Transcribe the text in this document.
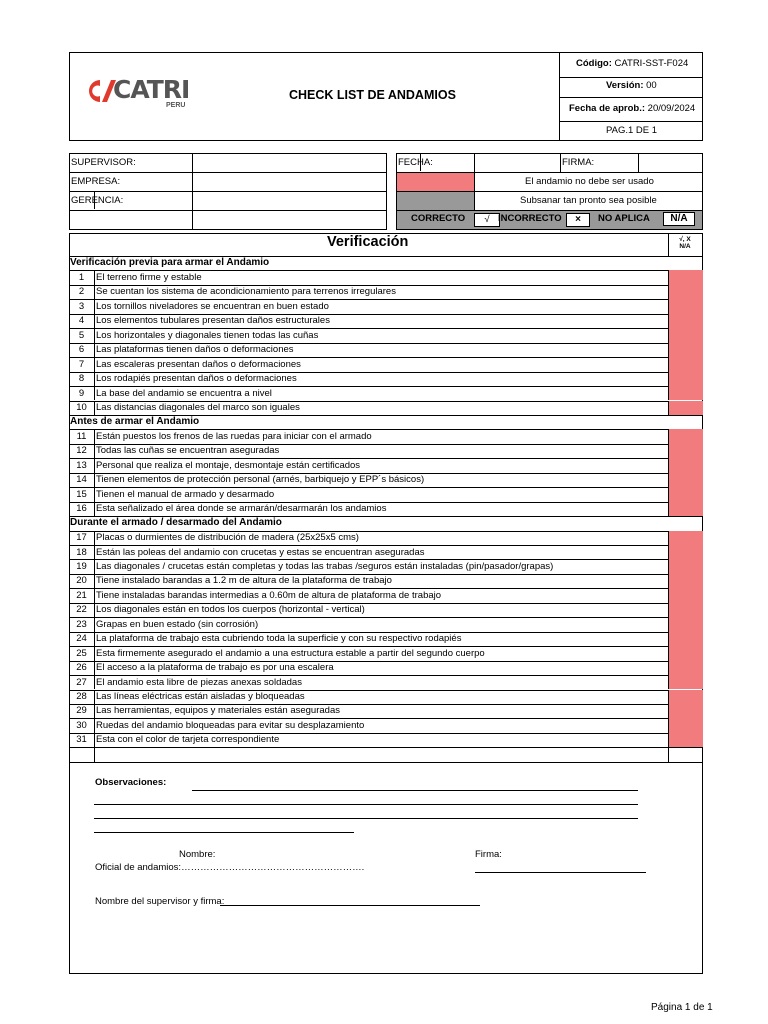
CATRI
PERU
CHECK LIST DE ANDAMIOS
Código: CATRI-SST-F024
Versión: 00
Fecha de aprob.: 20/09/2024
PAG.1 DE 1
SUPERVISOR:
EMPRESA:
GERENCIA:
FECHA:	FIRMA:
El andamio no debe ser usado
Subsanar tan pronto sea posible
CORRECTO	√ INCORRECTO	×	NO APLICA	N/A
Verificación	√, X
N/A
Verificación previa para armar el Andamio
1	El terreno firme y estable
2	Se cuentan los sistema de acondicionamiento para terrenos irregulares
3	Los tornillos niveladores se encuentran en buen estado
4	Los elementos tubulares presentan daños estructurales
5	Los horizontales y diagonales tienen todas las cuñas
6	Las plataformas tienen daños o deformaciones
7	Las escaleras presentan daños o deformaciones
8	Los rodapiés presentan daños o deformaciones
9	La base del andamio se encuentra a nivel
10 Las distancias diagonales del marco son iguales
Antes de armar el Andamio
11	Están puestos los frenos de las ruedas para iniciar con el armado
12 Todas las cuñas se encuentran aseguradas
13 Personal que realiza el montaje, desmontaje están certificados
14 Tienen elementos de protección personal (arnés, barbiquejo y EPP´s básicos)
15 Tienen el manual de armado y desarmado
16 Esta señalizado el área donde se armarán/desarmarán los andamios
Durante el armado / desarmado del Andamio
17 Placas o durmientes de distribución de madera (25x25x5 cms)
18 Están las poleas del andamio con crucetas y estas se encuentran aseguradas
19 Las diagonales / crucetas están completas y todas las trabas /seguros están instaladas (pin/pasador/grapas)
20 Tiene instalado barandas a 1.2 m de altura de la plataforma de trabajo
21 Tiene instaladas barandas intermedias a 0.60m de altura de plataforma de trabajo
22 Los diagonales están en todos los cuerpos (horizontal - vertical)
23 Grapas en buen estado (sin corrosión)
24 La plataforma de trabajo esta cubriendo toda la superficie y con su respectivo rodapiés
25 Esta firmemente asegurado el andamio a una estructura estable a partir del segundo cuerpo
26 El acceso a la plataforma de trabajo es por una escalera
27 El andamio esta libre de piezas anexas soldadas
28 Las líneas eléctricas están aisladas y bloqueadas
29 Las herramientas, equipos y materiales están aseguradas
30 Ruedas del andamio bloqueadas para evitar su desplazamiento
31 Esta con el color de tarjeta correspondiente
Observaciones:
Nombre:
Oficial de andamios:………………………………………………….
Firma:
Nombre del supervisor y firma:
Página 1 de 1
